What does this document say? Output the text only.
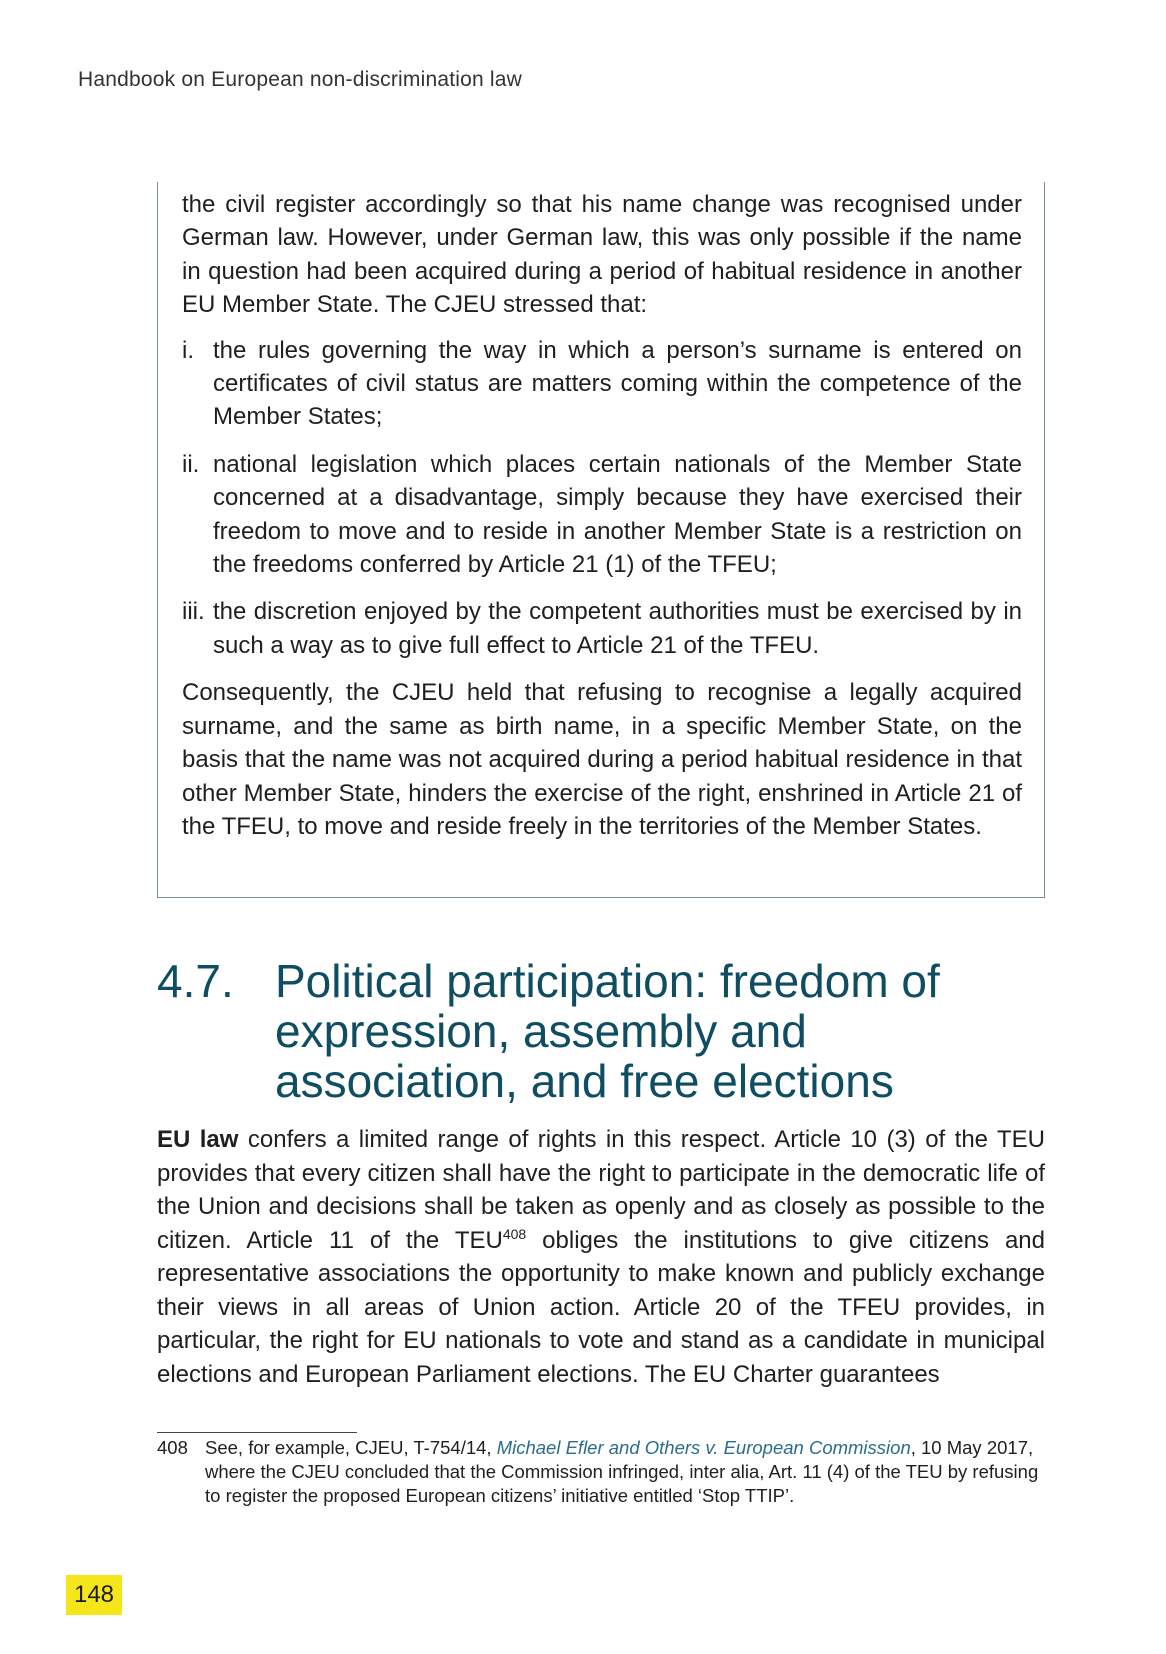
Handbook on European non-discrimination law

the civil register accordingly so that his name change was recognised under German law. However, under German law, this was only possible if the name in question had been acquired during a period of habitual residence in another EU Member State. The CJEU stressed that:

i. the rules governing the way in which a person’s surname is entered on certificates of civil status are matters coming within the competence of the Member States;
ii. national legislation which places certain nationals of the Member State concerned at a disadvantage, simply because they have exercised their freedom to move and to reside in another Member State is a restriction on the freedoms conferred by Article 21 (1) of the TFEU;
iii. the discretion enjoyed by the competent authorities must be exercised by in such a way as to give full effect to Article 21 of the TFEU.

Consequently, the CJEU held that refusing to recognise a legally acquired surname, and the same as birth name, in a specific Member State, on the basis that the name was not acquired during a period habitual residence in that other Member State, hinders the exercise of the right, enshrined in Article 21 of the TFEU, to move and reside freely in the territories of the Member States.

4.7. Political participation: freedom of expression, assembly and association, and free elections

EU law confers a limited range of rights in this respect. Article 10 (3) of the TEU provides that every citizen shall have the right to participate in the democratic life of the Union and decisions shall be taken as openly and as closely as possible to the citizen. Article 11 of the TEU$^{408}$ obliges the institutions to give citizens and representative associations the opportunity to make known and publicly exchange their views in all areas of Union action. Article 20 of the TFEU provides, in particular, the right for EU nationals to vote and stand as a candidate in municipal elections and European Parliament elections. The EU Charter guarantees

408 See, for example, CJEU, T-754/14, Michael Efler and Others v. European Commission, 10 May 2017, where the CJEU concluded that the Commission infringed, inter alia, Art. 11 (4) of the TEU by refusing to register the proposed European citizens’ initiative entitled ‘Stop TTIP’.
148
